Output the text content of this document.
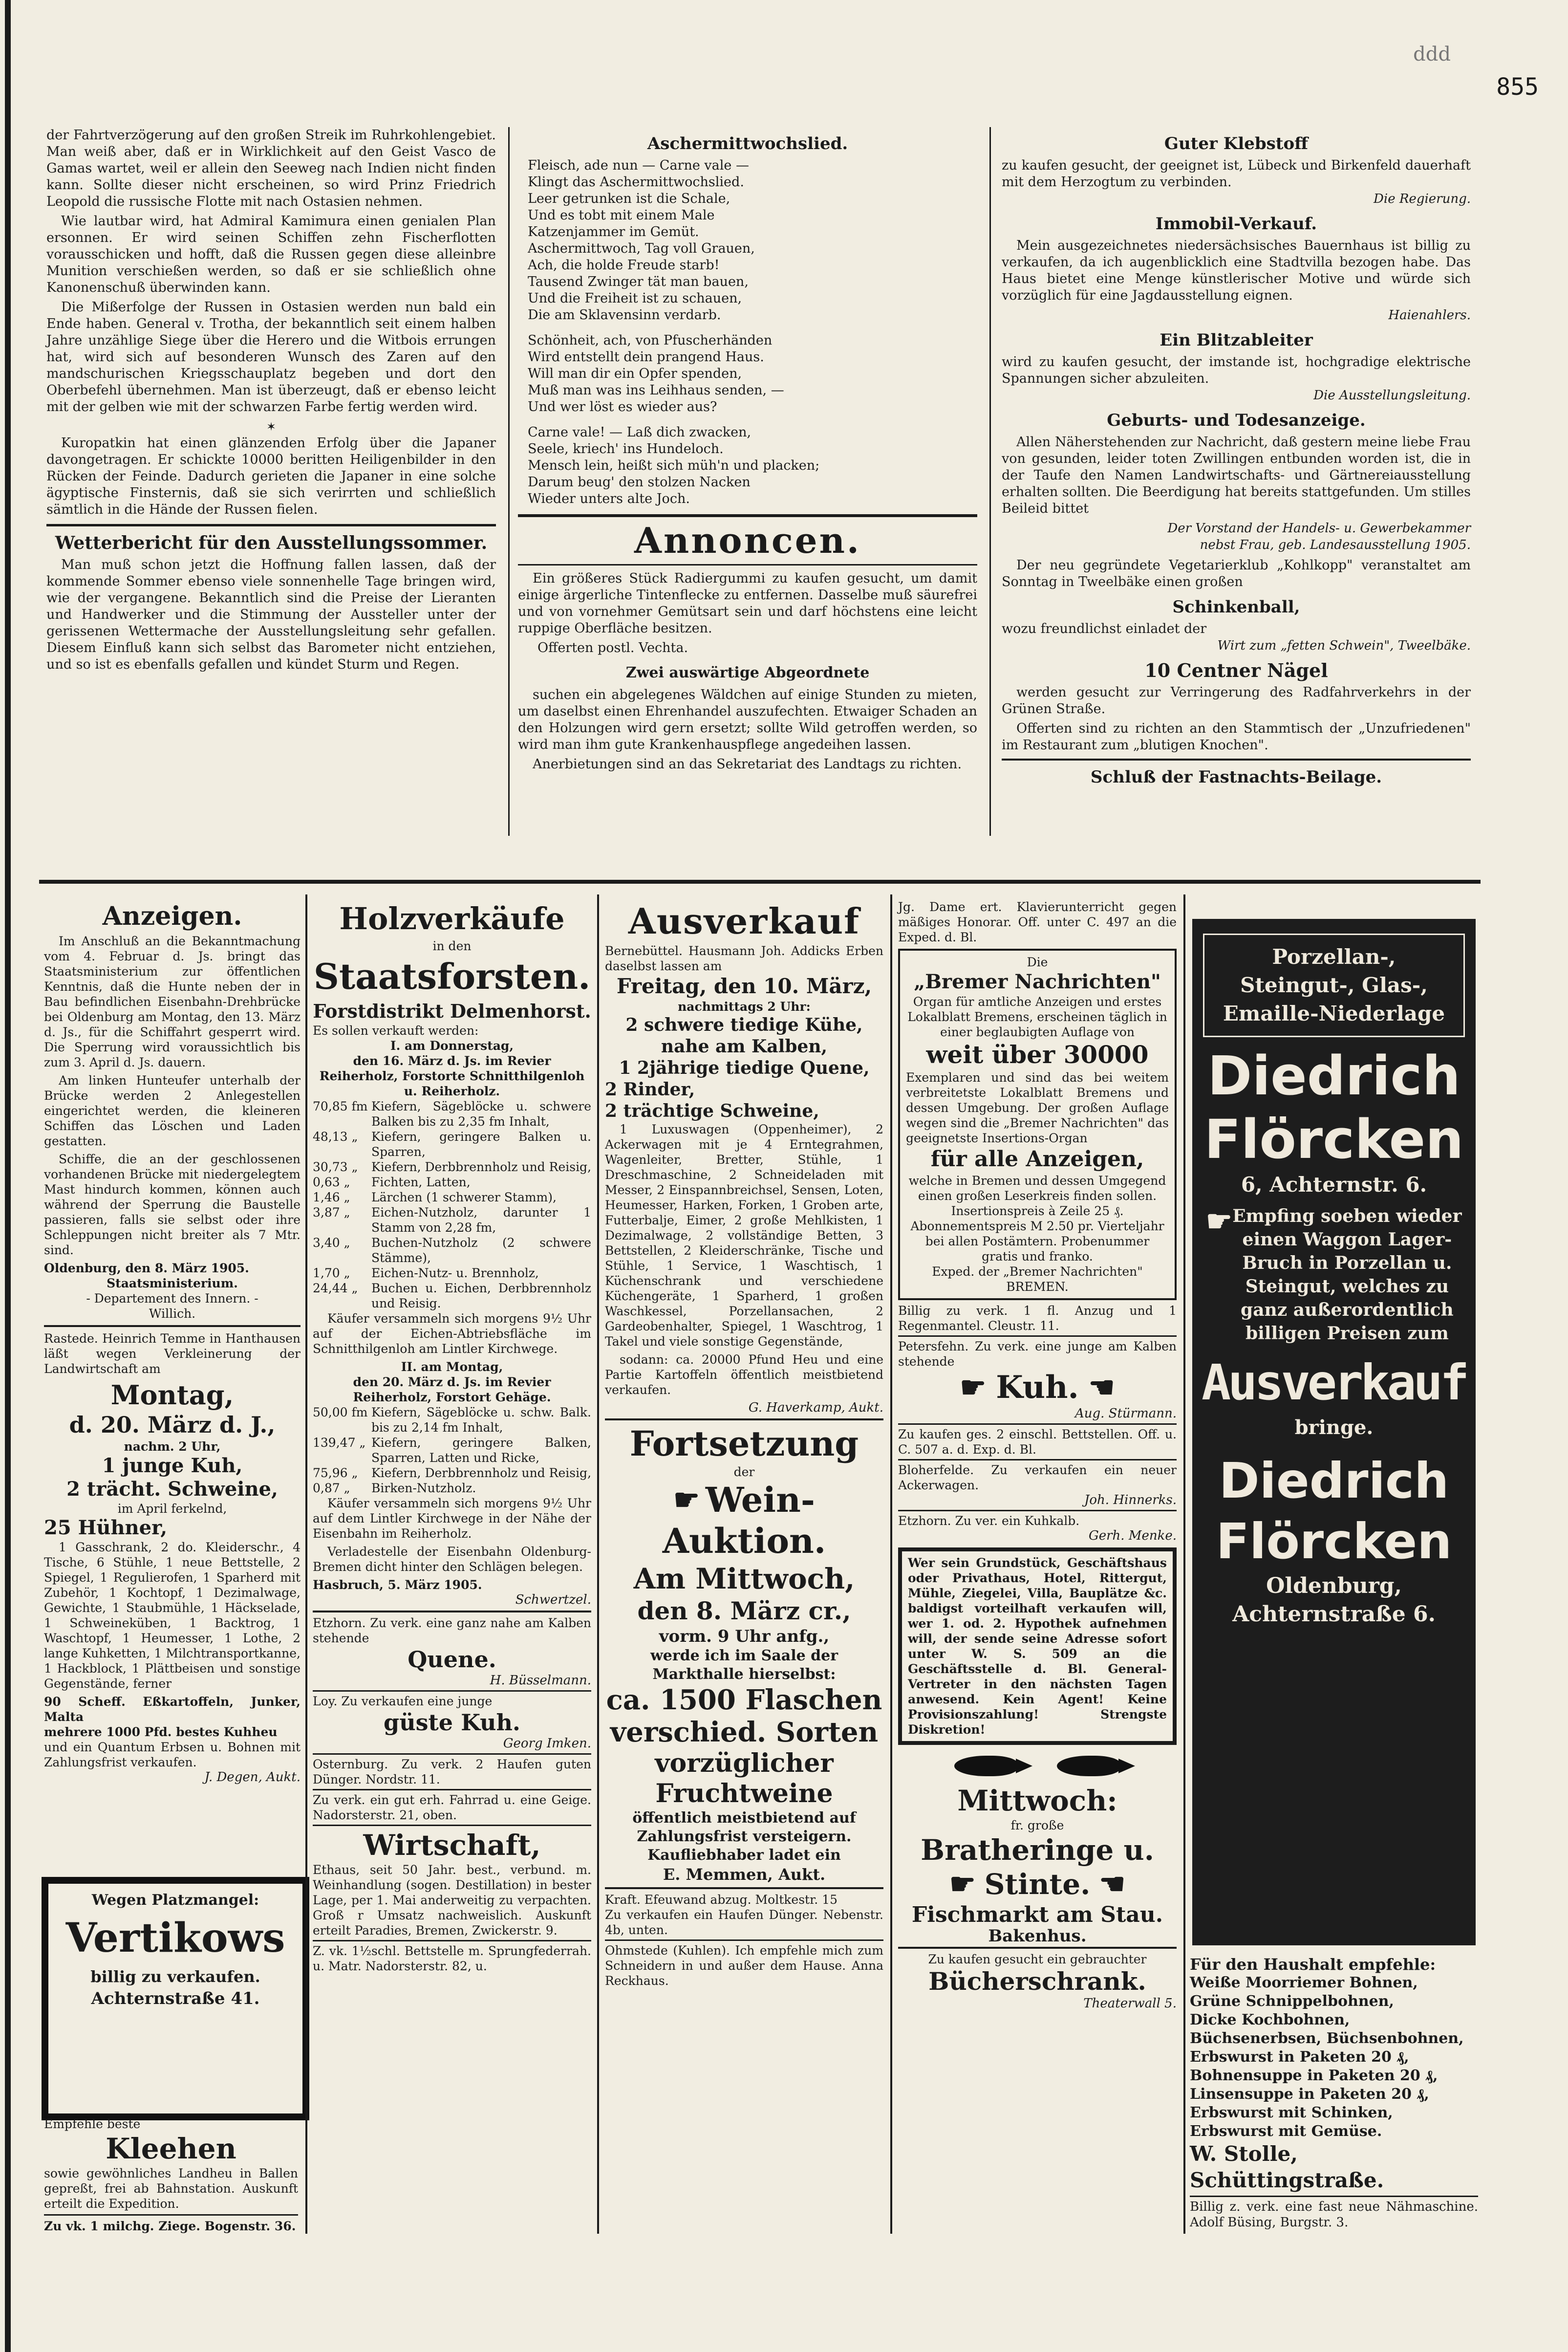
855
ddd

der Fahrtverzögerung auf den großen Streik im Ruhrkohlengebiet. Man weiß aber, daß er in Wirklichkeit auf den Geist Vasco de Gamas wartet, weil er allein den Seeweg nach Indien nicht finden kann. Sollte dieser nicht erscheinen, so wird Prinz Friedrich Leopold die russische Flotte mit nach Ostasien nehmen.

Wie lautbar wird, hat Admiral Kamimura einen genialen Plan ersonnen. Er wird seinen Schiffen zehn Fischerflotten vorausschicken und hofft, daß die Russen gegen diese alleinbre Munition verschießen werden, so daß er sie schließlich ohne Kanonenschuß überwinden kann.

Die Mißerfolge der Russen in Ostasien werden nun bald ein Ende haben. General v. Trotha, der bekanntlich seit einem halben Jahre unzählige Siege über die Herero und die Witbois errungen hat, wird sich auf besonderen Wunsch des Zaren auf den mandschurischen Kriegsschauplatz begeben und dort den Oberbefehl übernehmen. Man ist überzeugt, daß er ebenso leicht mit der gelben wie mit der schwarzen Farbe fertig werden wird.

✶

Kuropatkin hat einen glänzenden Erfolg über die Japaner davongetragen. Er schickte 10000 beritten Heiligenbilder in den Rücken der Feinde. Dadurch gerieten die Japaner in eine solche ägyptische Finsternis, daß sie sich verirrten und schließlich sämtlich in die Hände der Russen fielen.

Wetterbericht für den Ausstellungssommer.

Man muß schon jetzt die Hoffnung fallen lassen, daß der kommende Sommer ebenso viele sonnenhelle Tage bringen wird, wie der vergangene. Bekanntlich sind die Preise der Lieranten und Handwerker und die Stimmung der Aussteller unter der gerissenen Wettermache der Ausstellungsleitung sehr gefallen. Diesem Einfluß kann sich selbst das Barometer nicht entziehen, und so ist es ebenfalls gefallen und kündet Sturm und Regen.

Aschermittwochslied.
Fleisch, ade nun — Carne vale —
Klingt das Aschermittwochslied.
Leer getrunken ist die Schale,
Und es tobt mit einem Male
Katzenjammer im Gemüt.
Aschermittwoch, Tag voll Grauen,
Ach, die holde Freude starb!
Tausend Zwinger tät man bauen,
Und die Freiheit ist zu schauen,
Die am Sklavensinn verdarb.
Schönheit, ach, von Pfuscherhänden
Wird entstellt dein prangend Haus.
Will man dir ein Opfer spenden,
Muß man was ins Leihhaus senden, —
Und wer löst es wieder aus?
Carne vale! — Laß dich zwacken,
Seele, kriech' ins Hundeloch.
Mensch lein, heißt sich müh'n und placken;
Darum beug' den stolzen Nacken
Wieder unters alte Joch.
Annoncen.

Ein größeres Stück Radiergummi zu kaufen gesucht, um damit einige ärgerliche Tintenflecke zu entfernen. Dasselbe muß säurefrei und von vornehmer Gemütsart sein und darf höchstens eine leicht ruppige Oberfläche besitzen.

Offerten postl. Vechta.
Zwei auswärtige Abgeordnete

suchen ein abgelegenes Wäldchen auf einige Stunden zu mieten, um daselbst einen Ehrenhandel auszufechten. Etwaiger Schaden an den Holzungen wird gern ersetzt; sollte Wild getroffen werden, so wird man ihm gute Krankenhauspflege angedeihen lassen.

Anerbietungen sind an das Sekretariat des Landtags zu richten.

Guter Klebstoff
zu kaufen gesucht, der geeignet ist, Lübeck und Birkenfeld dauerhaft mit dem Herzogtum zu verbinden.
Die Regierung.
Immobil-Verkauf.

Mein ausgezeichnetes niedersächsisches Bauernhaus ist billig zu verkaufen, da ich augenblicklich eine Stadtvilla bezogen habe. Das Haus bietet eine Menge künstlerischer Motive und würde sich vorzüglich für eine Jagdausstellung eignen.

Haienahlers.
Ein Blitzableiter
wird zu kaufen gesucht, der imstande ist, hochgradige elektrische Spannungen sicher abzuleiten.
Die Ausstellungsleitung.
Geburts- und Todesanzeige.

Allen Näherstehenden zur Nachricht, daß gestern meine liebe Frau von gesunden, leider toten Zwillingen entbunden worden ist, die in der Taufe den Namen Landwirtschafts- und Gärtnereiausstellung erhalten sollten. Die Beerdigung hat bereits stattgefunden. Um stilles Beileid bittet

Der Vorstand der Handels- u. Gewerbekammer
nebst Frau, geb. Landesausstellung 1905.

Der neu gegründete Vegetarierklub „Kohlkopp" veranstaltet am Sonntag in Tweelbäke einen großen

Schinkenball,
wozu freundlichst einladet der
Wirt zum „fetten Schwein", Tweelbäke.
10 Centner Nägel

werden gesucht zur Verringerung des Radfahrverkehrs in der Grünen Straße.

Offerten sind zu richten an den Stammtisch der „Unzufriedenen" im Restaurant zum „blutigen Knochen".

Schluß der Fastnachts-Beilage.
Anzeigen.

Im Anschluß an die Bekanntmachung vom 4. Februar d. Js. bringt das Staatsministerium zur öffentlichen Kenntnis, daß die Hunte neben der in Bau befindlichen Eisenbahn-Drehbrücke bei Oldenburg am Montag, den 13. März d. Js., für die Schiffahrt gesperrt wird. Die Sperrung wird voraussichtlich bis zum 3. April d. Js. dauern.

Am linken Hunteufer unterhalb der Brücke werden 2 Anlegestellen eingerichtet werden, die kleineren Schiffen das Löschen und Laden gestatten.

Schiffe, die an der geschlossenen vorhandenen Brücke mit niedergelegtem Mast hindurch kommen, können auch während der Sperrung die Baustelle passieren, falls sie selbst oder ihre Schleppungen nicht breiter als 7 Mtr. sind.

Oldenburg, den 8. März 1905.
Staatsministerium.
- Departement des Innern. -
Willich.

Rastede. Heinrich Temme in Hanthausen läßt wegen Verkleinerung der Landwirtschaft am

Montag,
d. 20. März d. J.,
nachm. 2 Uhr,
1 junge Kuh,
2 trächt. Schweine,
im April ferkelnd,
25 Hühner,

1 Gasschrank, 2 do. Kleiderschr., 4 Tische, 6 Stühle, 1 neue Bettstelle, 2 Spiegel, 1 Regulierofen, 1 Sparherd mit Zubehör, 1 Kochtopf, 1 Dezimalwage, Gewichte, 1 Staubmühle, 1 Häckselade, 1 Schweineküben, 1 Backtrog, 1 Waschtopf, 1 Heumesser, 1 Lothe, 2 lange Kuhketten, 1 Milchtransportkanne, 1 Hackblock, 1 Plättbeisen und sonstige Gegenstände, ferner

90 Scheff. Eßkartoffeln, Junker, Malta
mehrere 1000 Pfd. bestes Kuhheu
und ein Quantum Erbsen u. Bohnen mit Zahlungsfrist verkaufen.
J. Degen, Aukt.
Wegen Platzmangel:
Vertikows
billig zu verkaufen.
Achternstraße 41.
Empfehle beste
Kleehen
sowie gewöhnliches Landheu in Ballen gepreßt, frei ab Bahnstation. Auskunft erteilt die Expedition.
Zu vk. 1 milchg. Ziege. Bogenstr. 36.
Holzverkäufe
in den
Staatsforsten.
Forstdistrikt Delmenhorst.
Es sollen verkauft werden:
I. am Donnerstag,
den 16. März d. Js. im Revier Reiherholz, Forstorte Schnitthilgenloh u. Reiherholz.
70,85 fm Kiefern, Sägeblöcke u. schwere Balken bis zu 2,35 fm Inhalt,
48,13 „	Kiefern, geringere Balken u. Sparren,
30,73 „	Kiefern, Derbbrennholz und Reisig,
0,63 „	Fichten, Latten,
1,46 „	Lärchen (1 schwerer Stamm),
3,87 „	Eichen-Nutzholz, darunter 1 Stamm von 2,28 fm,
3,40 „	Buchen-Nutzholz (2 schwere Stämme),
1,70 „	Eichen-Nutz- u. Brennholz,
24,44 „	Buchen u. Eichen, Derbbrennholz und Reisig.

Käufer versammeln sich morgens 9½ Uhr auf der Eichen-Abtriebsfläche im Schnitthilgenloh am Lintler Kirchwege.

II. am Montag,
den 20. März d. Js. im Revier Reiherholz, Forstort Gehäge.
50,00 fm Kiefern, Sägeblöcke u. schw. Balk. bis zu 2,14 fm Inhalt,
139,47 „ Kiefern, geringere Balken, Sparren, Latten und Ricke,
75,96 „	Kiefern, Derbbrennholz und Reisig,
0,87 „	Birken-Nutzholz.

Käufer versammeln sich morgens 9½ Uhr auf dem Lintler Kirchwege in der Nähe der Eisenbahn im Reiherholz.

Verladestelle der Eisenbahn Oldenburg-Bremen dicht hinter den Schlägen belegen.

Hasbruch, 5. März 1905.
Schwertzel.
Etzhorn. Zu verk. eine ganz nahe am Kalben stehende
Quene.
H. Büsselmann.
Loy. Zu verkaufen eine junge
güste Kuh.
Georg Imken.
Osternburg. Zu verk. 2 Haufen guten Dünger. Nordstr. 11.
Zu verk. ein gut erh. Fahrrad u. eine Geige. Nadorsterstr. 21, oben.
Wirtschaft,
Ethaus, seit 50 Jahr. best., verbund. m. Weinhandlung (sogen. Destillation) in bester Lage, per 1. Mai anderweitig zu verpachten. Groß r Umsatz nachweislich. Auskunft erteilt Paradies, Bremen, Zwickerstr. 9.
Z. vk. 1½schl. Bettstelle m. Sprungfederrah. u. Matr. Nadorsterstr. 82, u.
Ausverkauf
Bernebüttel. Hausmann Joh. Addicks Erben daselbst lassen am
Freitag, den 10. März,
nachmittags 2 Uhr:
2 schwere tiedige Kühe, nahe am Kalben,
1 2jährige tiedige Quene,
2 Rinder,
2 trächtige Schweine,

1 Luxuswagen (Oppenheimer), 2 Ackerwagen mit je 4 Erntegrahmen, Wagenleiter, Bretter, Stühle, 1 Dreschmaschine, 2 Schneideladen mit Messer, 2 Einspannbreichsel, Sensen, Loten, Heumesser, Harken, Forken, 1 Groben arte, Futterbalje, Eimer, 2 große Mehlkisten, 1 Dezimalwage, 2 vollständige Betten, 3 Bettstellen, 2 Kleiderschränke, Tische und Stühle, 1 Service, 1 Waschtisch, 1 Küchenschrank und verschiedene Küchengeräte, 1 Sparherd, 1 großen Waschkessel, Porzellansachen, 2 Gardeobenhalter, Spiegel, 1 Waschtrog, 1 Takel und viele sonstige Gegenstände,

sodann: ca. 20000 Pfund Heu und eine Partie Kartoffeln öffentlich meistbietend verkaufen.

G. Haverkamp, Aukt.
Fortsetzung
der
☛ Wein-
Auktion.
Am Mittwoch,
den 8. März cr.,
vorm. 9 Uhr anfg.,
werde ich im Saale der Markthalle hierselbst:
ca. 1500 Flaschen
verschied. Sorten
vorzüglicher
Fruchtweine
öffentlich meistbietend auf Zahlungsfrist versteigern.
Kaufliebhaber ladet ein
E. Memmen, Aukt.
Kraft. Efeuwand abzug. Moltkestr. 15
Zu verkaufen ein Haufen Dünger. Nebenstr. 4b, unten.
Ohmstede (Kuhlen). Ich empfehle mich zum Schneidern in und außer dem Hause. Anna Reckhaus.
Jg. Dame ert. Klavierunterricht gegen mäßiges Honorar. Off. unter C. 497 an die Exped. d. Bl.
Die
„Bremer Nachrichten"
Organ für amtliche Anzeigen und erstes Lokalblatt Bremens, erscheinen täglich in einer beglaubigten Auflage von
weit über 30000
Exemplaren und sind das bei weitem verbreitetste Lokalblatt Bremens und dessen Umgebung. Der großen Auflage wegen sind die „Bremer Nachrichten" das geeignetste Insertions-Organ
für alle Anzeigen,
welche in Bremen und dessen Umgegend einen großen Leserkreis finden sollen.
Insertionspreis à Zeile 25 ₰. Abonnementspreis M 2.50 pr. Vierteljahr bei allen Postämtern. Probenummer gratis und franko.
Exped. der „Bremer Nachrichten" BREMEN.
Billig zu verk. 1 fl. Anzug und 1 Regenmantel. Cleustr. 11.
Petersfehn. Zu verk. eine junge am Kalben stehende
☛ Kuh. ☚
Aug. Stürmann.
Zu kaufen ges. 2 einschl. Bettstellen. Off. u. C. 507 a. d. Exp. d. Bl.
Bloherfelde. Zu verkaufen ein neuer Ackerwagen.
Joh. Hinnerks.
Etzhorn. Zu ver. ein Kuhkalb.
Gerh. Menke.
Wer sein Grundstück, Geschäftshaus oder Privathaus, Hotel, Rittergut, Mühle, Ziegelei, Villa, Bauplätze &c. baldigst vorteilhaft verkaufen will, wer 1. od. 2. Hypothek aufnehmen will, der sende seine Adresse sofort unter W. S. 509 an die Geschäftsstelle d. Bl. General-Vertreter in den nächsten Tagen anwesend. Kein Agent! Keine Provisionszahlung! Strengste Diskretion!
Mittwoch:
fr. große
Bratheringe u.
☛ Stinte. ☚
Fischmarkt am Stau.
Bakenhus.
Zu kaufen gesucht ein gebrauchter
Bücherschrank.
Theaterwall 5.
Porzellan-,
Steingut-, Glas-,
Emaille-Niederlage
Diedrich
Flörcken
6, Achternstr. 6.
☛ Empfing soeben wieder einen Waggon Lager-Bruch in Porzellan u. Steingut, welches zu ganz außerordentlich billigen Preisen zum
Ausverkauf
bringe.
Diedrich
Flörcken
Oldenburg,
Achternstraße 6.
Für den Haushalt empfehle:
Weiße Moorriemer Bohnen,
Grüne Schnippelbohnen,
Dicke Kochbohnen,
Büchsenerbsen, Büchsenbohnen,
Erbswurst in Paketen 20 ₰,
Bohnensuppe in Paketen 20 ₰,
Linsensuppe in Paketen 20 ₰,
Erbswurst mit Schinken,
Erbswurst mit Gemüse.
W. Stolle, Schüttingstraße.
Billig z. verk. eine fast neue Nähmaschine. Adolf Büsing, Burgstr. 3.
